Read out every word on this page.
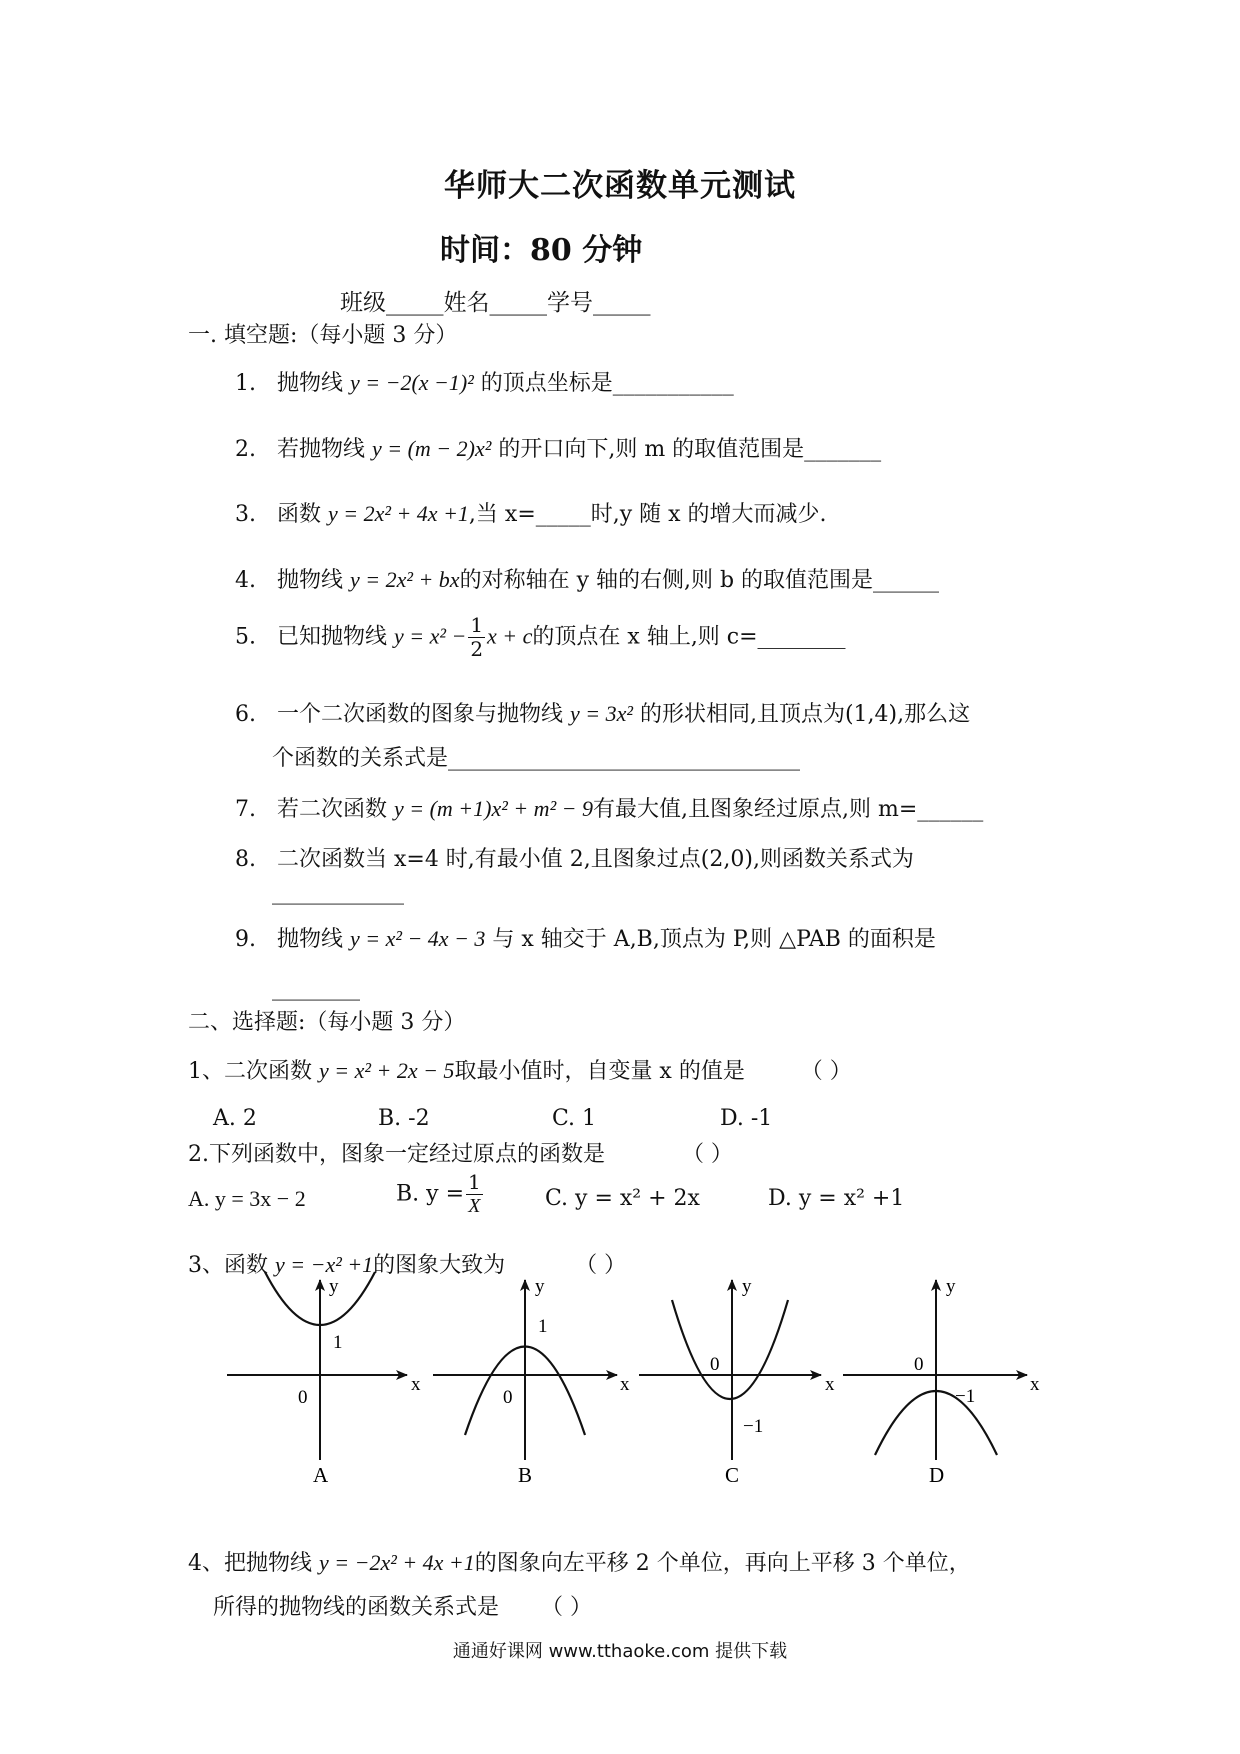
华师大二次函数单元测试
时间：80 分钟
班级_____姓名_____学号_____
一. 填空题:（每小题 3 分）
1. 抛物线 y = −2(x −1)² 的顶点坐标是___________
2. 若抛物线 y = (m − 2)x² 的开口向下,则 m 的取值范围是_______
3. 函数 y = 2x² + 4x +1,当 x=_____时,y 随 x 的增大而减少.
4. 抛物线 y = 2x² + bx的对称轴在 y 轴的右侧,则 b 的取值范围是______
5. 已知抛物线 $y = x^2 - \frac{1}{2}$ x + c的顶点在 x 轴上,则 c=________
6. 一个二次函数的图象与抛物线 y = 3x² 的形状相同,且顶点为(1,4),那么这
个函数的关系式是________________________________
7. 若二次函数 y = (m +1)x² + m² − 9有最大值,且图象经过原点,则 m=______
8. 二次函数当 x=4 时,有最小值 2,且图象过点(2,0),则函数关系式为
____________
9. 抛物线 y = x² − 4x − 3 与 x 轴交于 A,B,顶点为 P,则 △PAB 的面积是
________
二、选择题:（每小题 3 分）
1、二次函数 y = x² + 2x − 5取最小值时，自变量 x 的值是	（ ）
A. 2	B. -2	C. 1	D. -1
2.下列函数中，图象一定经过原点的函数是	（ ）
A. y = 3x − 2	B. $y = \frac{1}{X}$	C. y = x² + 2x	D. y = x² +1
3、函数 y = −x² +1的图象大致为	（ ）
y
x
0
1
A
y
x
0
1
B
y
x
0
−1
C
y
x
0
−1
D
4、把抛物线 y = −2x² + 4x +1的图象向左平移 2 个单位，再向上平移 3 个单位，
所得的抛物线的函数关系式是 （ ）
通通好课网 www.tthaoke.com 提供下载
